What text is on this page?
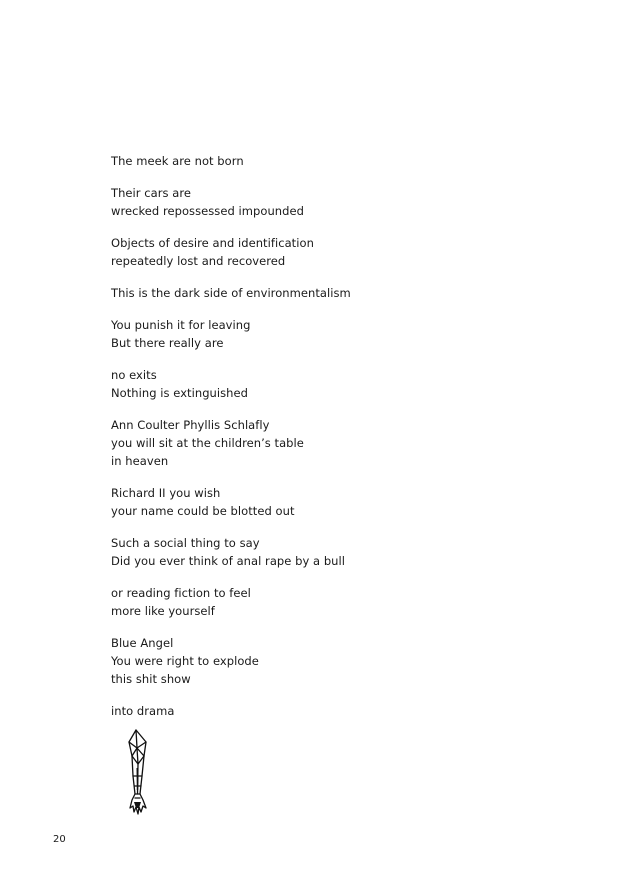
The meek are not born
Their cars are
wrecked repossessed impounded
Objects of desire and identification
repeatedly lost and recovered
This is the dark side of environmentalism
You punish it for leaving
But there really are
no exits
Nothing is extinguished
Ann Coulter Phyllis Schlafly
you will sit at the children’s table
in heaven
Richard II you wish
your name could be blotted out
Such a social thing to say
Did you ever think of anal rape by a bull
or reading fiction to feel
more like yourself
Blue Angel
You were right to explode
this shit show
into drama
20
